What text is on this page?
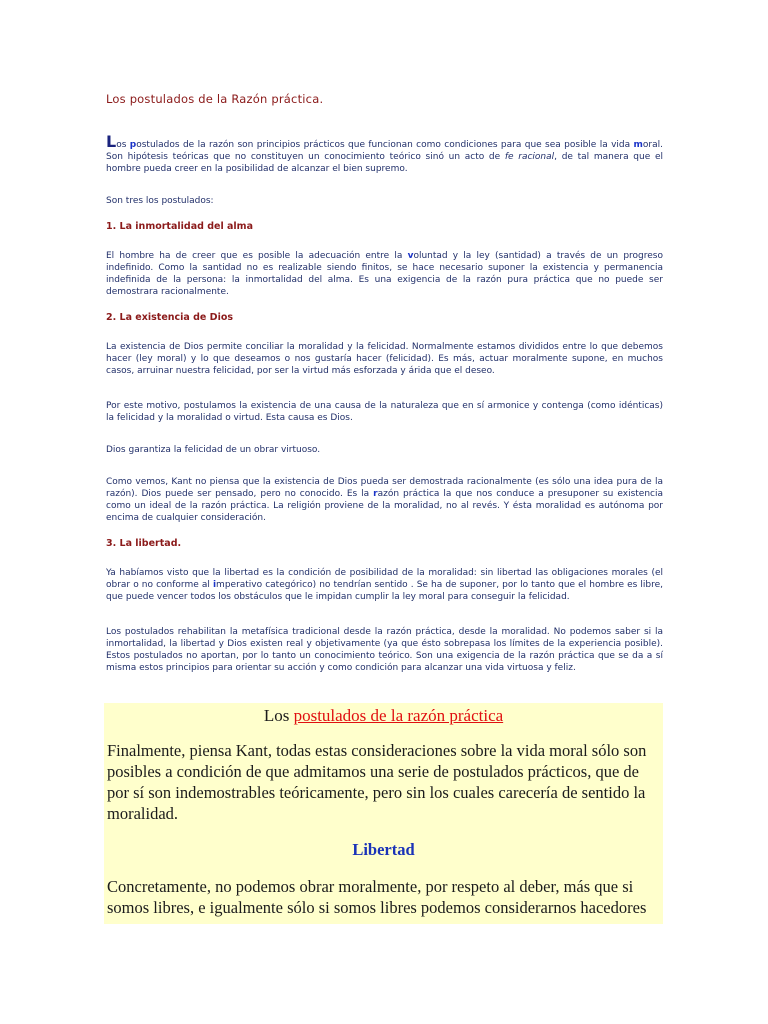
Los postulados de la Razón práctica.

Los postulados de la razón son principios prácticos que funcionan como condiciones para que sea posible la vida moral. Son hipótesis teóricas que no constituyen un conocimiento teórico sinó un acto de fe racional, de tal manera que el hombre pueda creer en la posibilidad de alcanzar el bien supremo.

Son tres los postulados:

1. La inmortalidad del alma

El hombre ha de creer que es posible la adecuación entre la voluntad y la ley (santidad) a través de un progreso indefinido. Como la santidad no es realizable siendo finitos, se hace necesario suponer la existencia y permanencia indefinida de la persona: la inmortalidad del alma. Es una exigencia de la razón pura práctica que no puede ser demostrara racionalmente.

2. La existencia de Dios

La existencia de Dios permite conciliar la moralidad y la felicidad. Normalmente estamos divididos entre lo que debemos hacer (ley moral) y lo que deseamos o nos gustaría hacer (felicidad). Es más, actuar moralmente supone, en muchos casos, arruinar nuestra felicidad, por ser la virtud más esforzada y árida que el deseo.

Por este motivo, postulamos la existencia de una causa de la naturaleza que en sí armonice y contenga (como idénticas) la felicidad y la moralidad o virtud. Esta causa es Dios.

Dios garantiza la felicidad de un obrar virtuoso.

Como vemos, Kant no piensa que la existencia de Dios pueda ser demostrada racionalmente (es sólo una idea pura de la razón). Dios puede ser pensado, pero no conocido. Es la razón práctica la que nos conduce a presuponer su existencia como un ideal de la razón práctica. La religión proviene de la moralidad, no al revés. Y ésta moralidad es autónoma por encima de cualquier consideración.

3. La libertad.

Ya habíamos visto que la libertad es la condición de posibilidad de la moralidad: sin libertad las obligaciones morales (el obrar o no conforme al imperativo categórico) no tendrían sentido . Se ha de suponer, por lo tanto que el hombre es libre, que puede vencer todos los obstáculos que le impidan cumplir la ley moral para conseguir la felicidad.

Los postulados rehabilitan la metafísica tradicional desde la razón práctica, desde la moralidad. No podemos saber si la inmortalidad, la libertad y Dios existen real y objetivamente (ya que ésto sobrepasa los límites de la experiencia posible). Estos postulados no aportan, por lo tanto un conocimiento teórico. Son una exigencia de la razón práctica que se da a sí misma estos principios para orientar su acción y como condición para alcanzar una vida virtuosa y feliz.

Los postulados de la razón práctica

Finalmente, piensa Kant, todas estas consideraciones sobre la vida moral sólo son posibles a condición de que admitamos una serie de postulados prácticos, que de por sí son indemostrables teóricamente, pero sin los cuales carecería de sentido la moralidad.

Libertad

Concretamente, no podemos obrar moralmente, por respeto al deber, más que si somos libres, e igualmente sólo si somos libres podemos considerarnos hacedores
